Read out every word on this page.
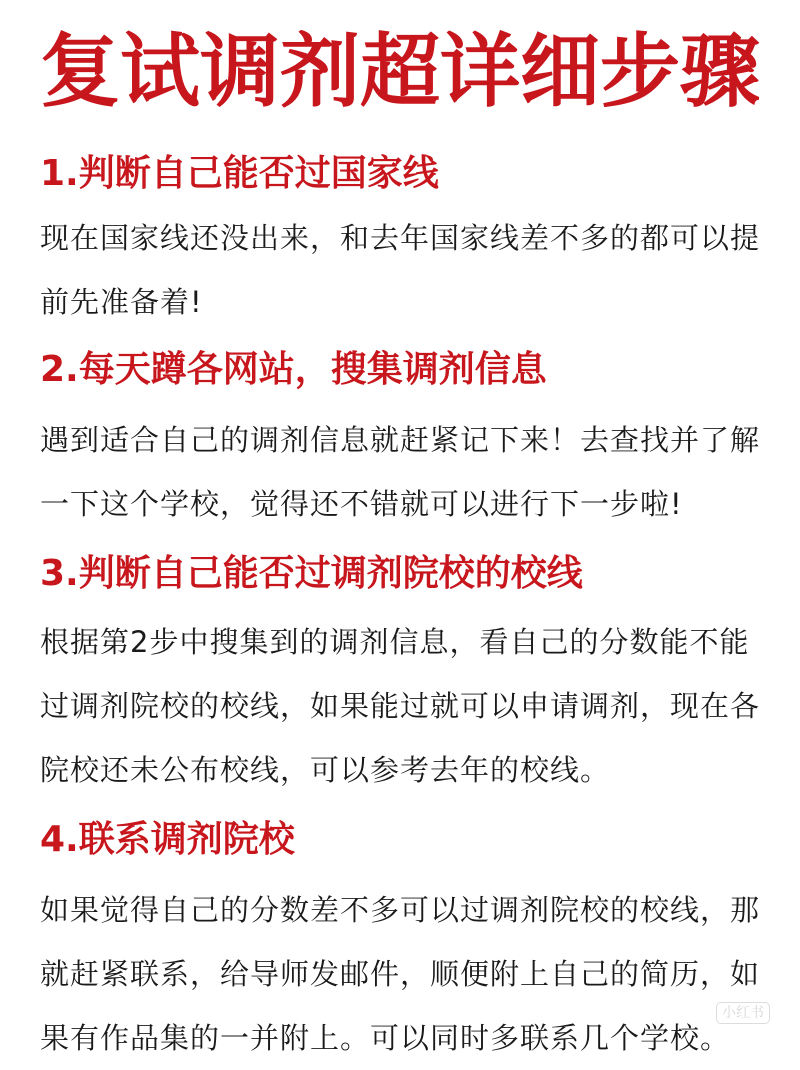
复试调剂超详细步骤
1.判断自己能否过国家线
现在国家线还没出来，和去年国家线差不多的都可以提
前先准备着!
2.每天蹲各网站，搜集调剂信息
遇到适合自己的调剂信息就赶紧记下来！去查找并了解
一下这个学校，觉得还不错就可以进行下一步啦!
3.判断自己能否过调剂院校的校线
根据第2步中搜集到的调剂信息，看自己的分数能不能
过调剂院校的校线，如果能过就可以申请调剂，现在各
院校还未公布校线，可以参考去年的校线。
4.联系调剂院校
如果觉得自己的分数差不多可以过调剂院校的校线，那
就赶紧联系，给导师发邮件，顺便附上自己的简历，如
果有作品集的一并附上。可以同时多联系几个学校。
小红书
